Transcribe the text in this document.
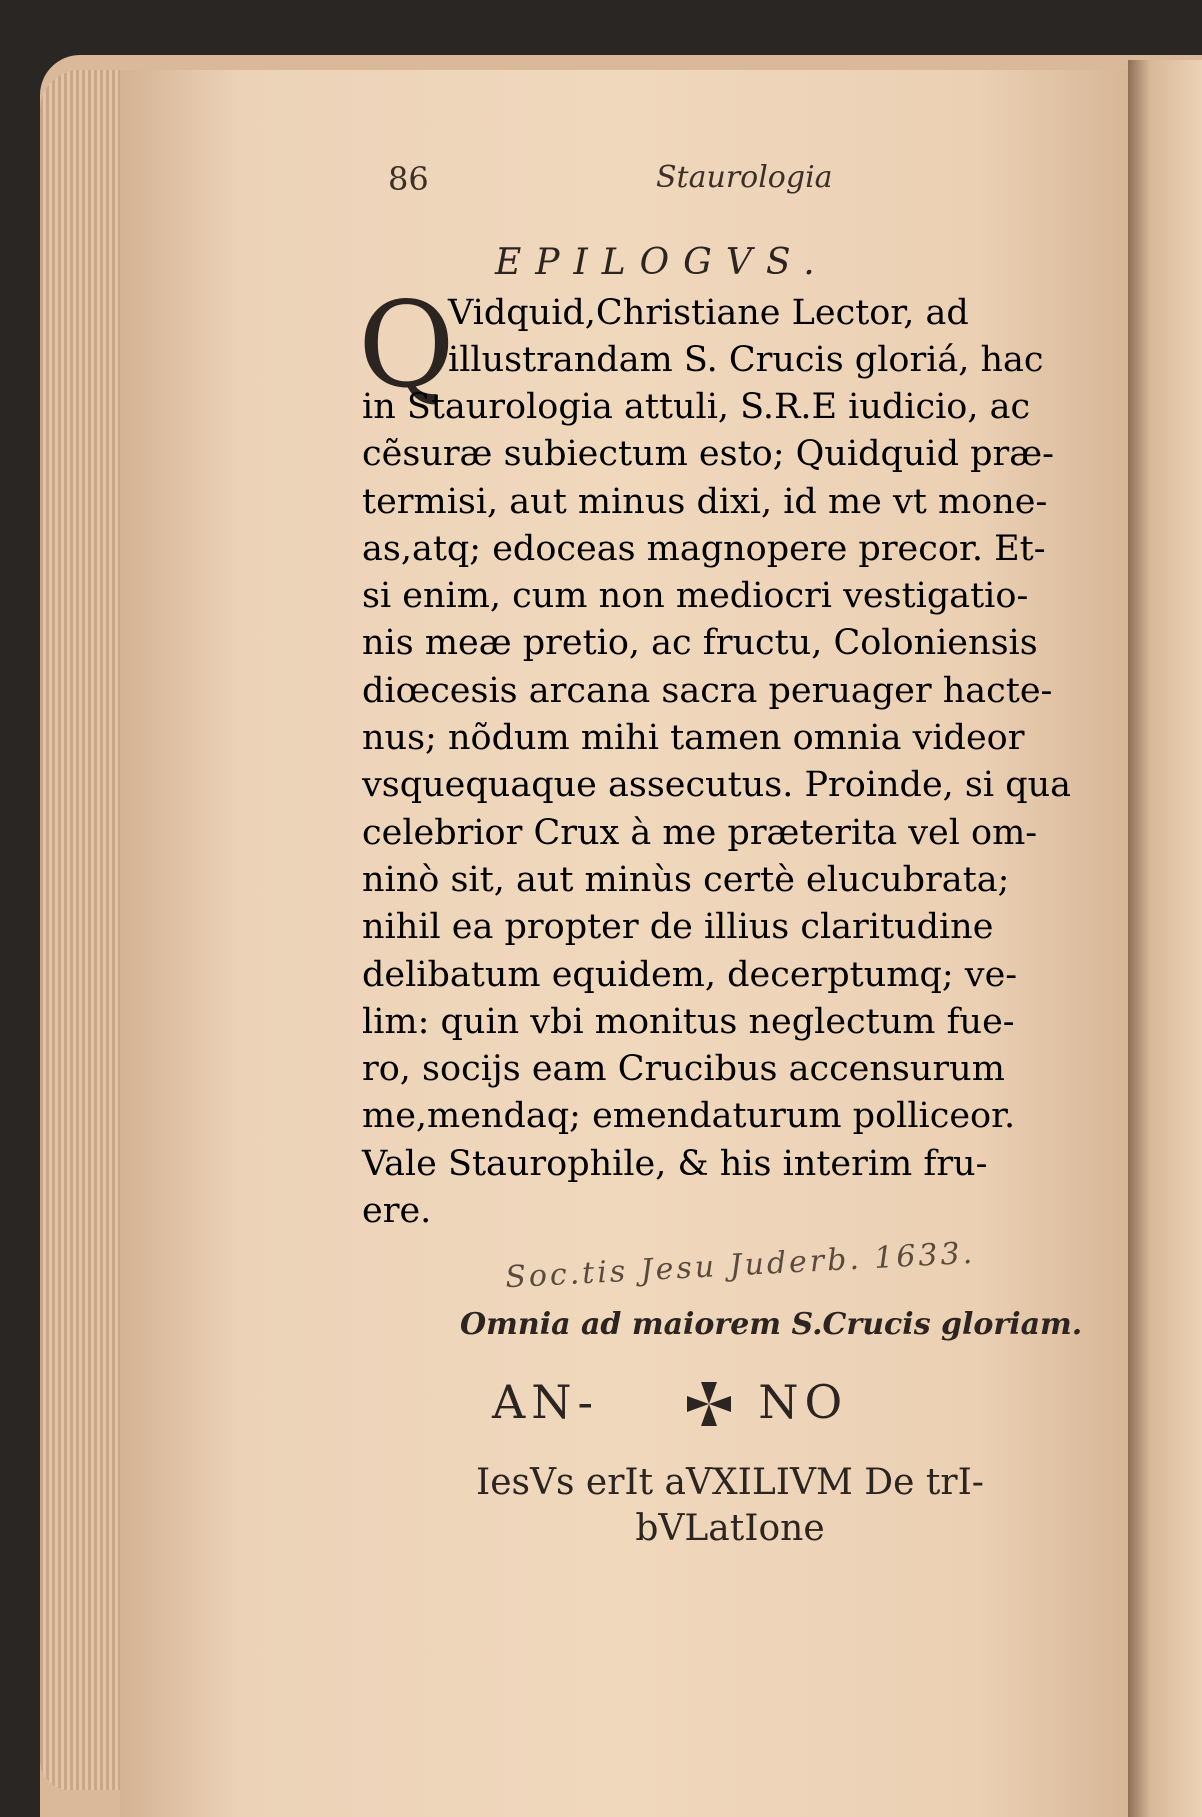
86	Staurologia
EPILOGVS.
Q
Vidquid,Christiane Lector, ad
illustrandam S. Crucis gloriá, hac
in Staurologia attuli, S.R.E iudicio, ac
cẽsuræ subiectum esto; Quidquid præ-
termisi, aut minus dixi, id me vt mone-
as,atq; edoceas magnopere precor. Et-
si enim, cum non mediocri vestigatio-
nis meæ pretio, ac fructu, Coloniensis
diœcesis arcana sacra peruager hacte-
nus; nõdum mihi tamen omnia videor
vsquequaque assecutus. Proinde, si qua
celebrior Crux à me præterita vel om-
ninò sit, aut minùs certè elucubrata;
nihil ea propter de illius claritudine
delibatum equidem, decerptumq; ve-
lim: quin vbi monitus neglectum fue-
ro, socijs eam Crucibus accensurum
me,mendaq; emendaturum polliceor.
Vale Staurophile, & his interim fru-
ere.
Soc.tis Jesu Juderb. 1633.
Omnia ad maiorem S.Crucis gloriam.
AN-	NO
IesVs erIt aVXILIVM De trI-
bVLatIone
